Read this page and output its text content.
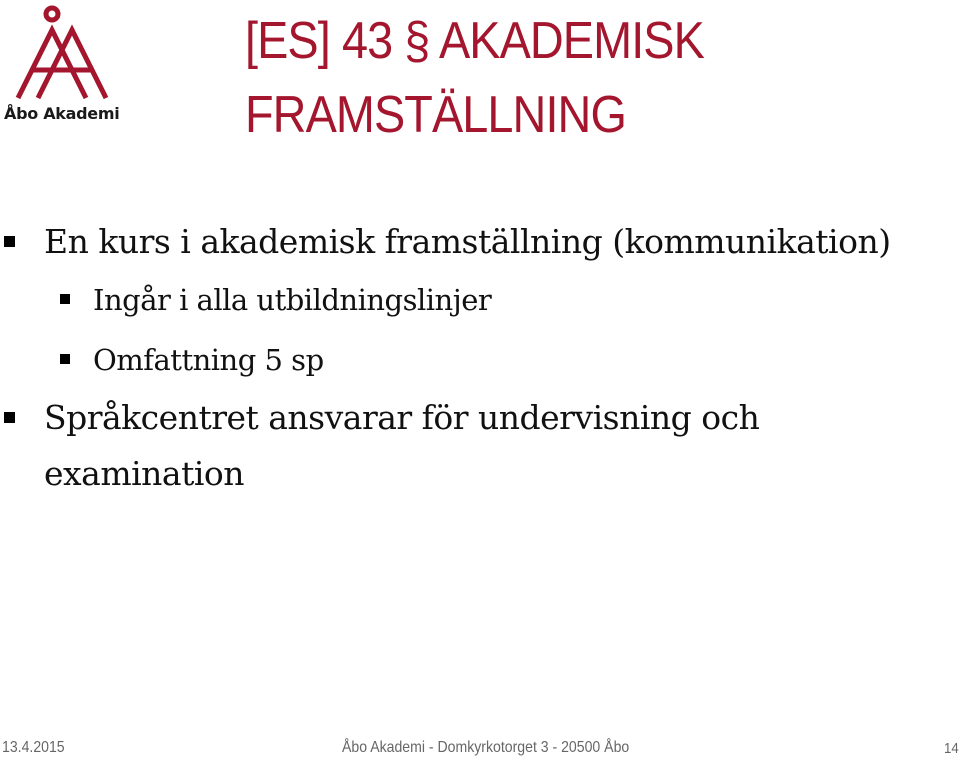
Åbo Akademi
[ES] 43 § AKADEMISK
FRAMSTÄLLNING
En kurs i akademisk framställning (kommunikation)
Ingår i alla utbildningslinjer
Omfattning 5 sp
Språkcentret ansvarar för undervisning och examination
13.4.2015	Åbo Akademi - Domkyrkotorget 3 - 20500 Åbo	14
